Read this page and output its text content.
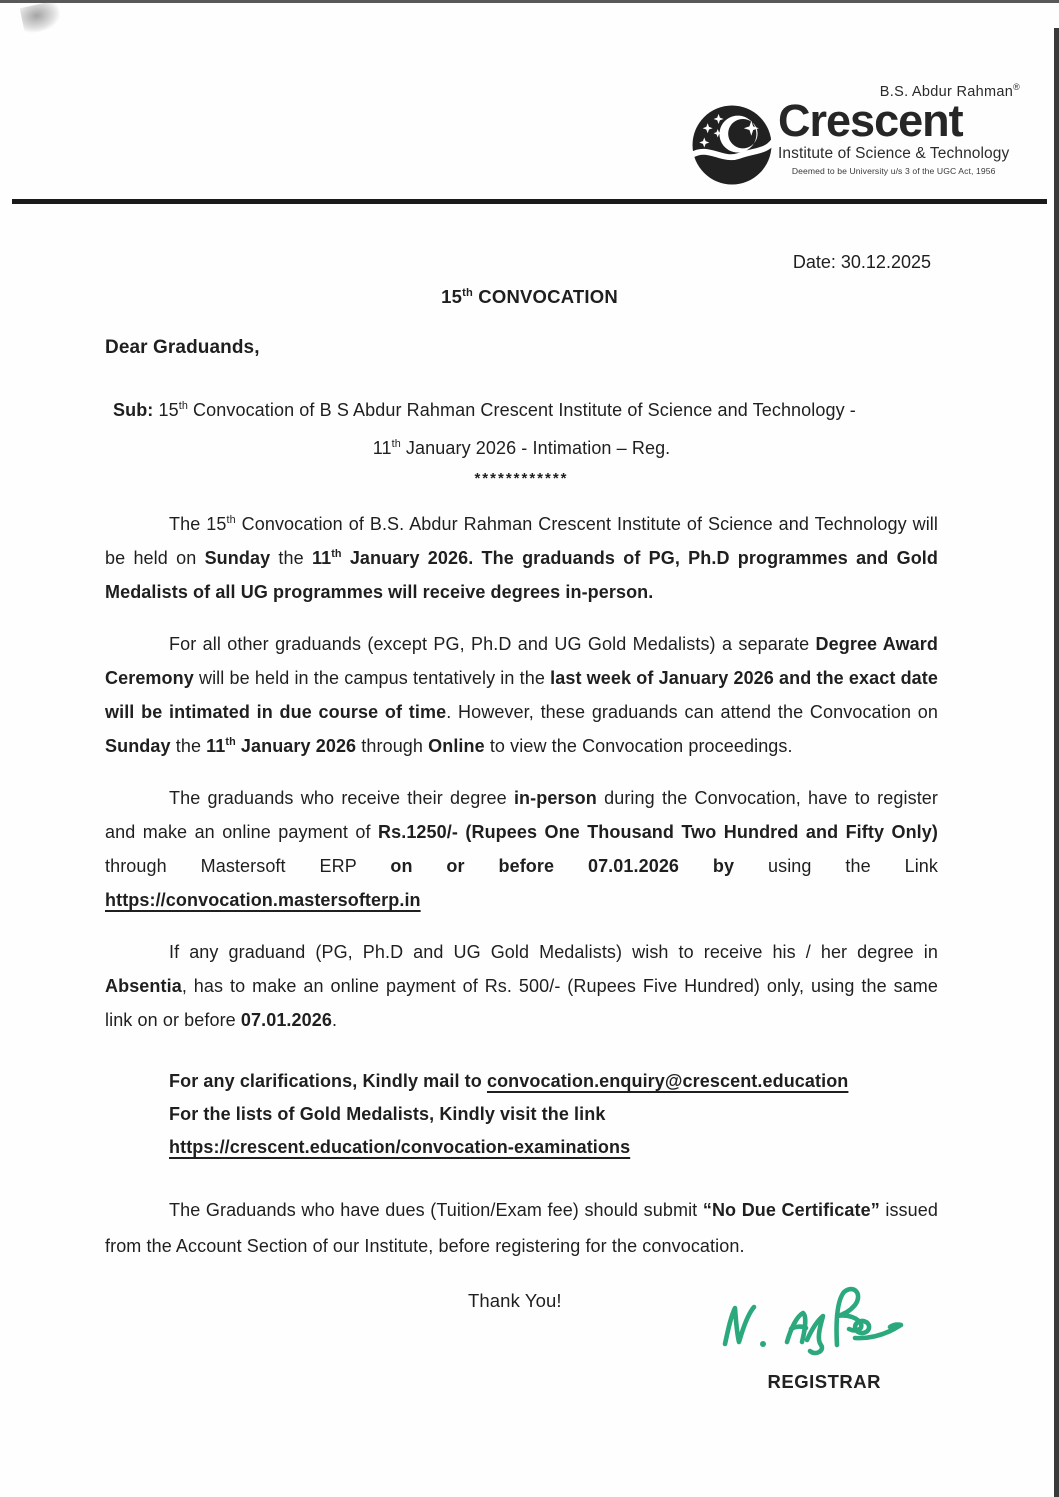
B.S. Abdur Rahman®
Crescent
Institute of Science & Technology
Deemed to be University u/s 3 of the UGC Act, 1956
Date: 30.12.2025
15th CONVOCATION
Dear Graduands,
Sub: 15th Convocation of B S Abdur Rahman Crescent Institute of Science and Technology -
11th January 2026 - Intimation – Reg.
************

The 15th Convocation of B.S. Abdur Rahman Crescent Institute of Science and Technology will be held on Sunday the 11th January 2026. The graduands of PG, Ph.D programmes and Gold Medalists of all UG programmes will receive degrees in-person.

For all other graduands (except PG, Ph.D and UG Gold Medalists) a separate Degree Award Ceremony will be held in the campus tentatively in the last week of January 2026 and the exact date will be intimated in due course of time. However, these graduands can attend the Convocation on Sunday the 11th January 2026 through Online to view the Convocation proceedings.

The graduands who receive their degree in-person during the Convocation, have to register and make an online payment of Rs.1250/- (Rupees One Thousand Two Hundred and Fifty Only) through Mastersoft ERP on or before 07.01.2026 by using the Link https://convocation.mastersofterp.in

If any graduand (PG, Ph.D and UG Gold Medalists) wish to receive his / her degree in Absentia, has to make an online payment of Rs. 500/- (Rupees Five Hundred) only, using the same link on or before 07.01.2026.

For any clarifications, Kindly mail to convocation.enquiry@crescent.education

For the lists of Gold Medalists, Kindly visit the link

https://crescent.education/convocation-examinations

The Graduands who have dues (Tuition/Exam fee) should submit “No Due Certificate” issued from the Account Section of our Institute, before registering for the convocation.

Thank You!
REGISTRAR
